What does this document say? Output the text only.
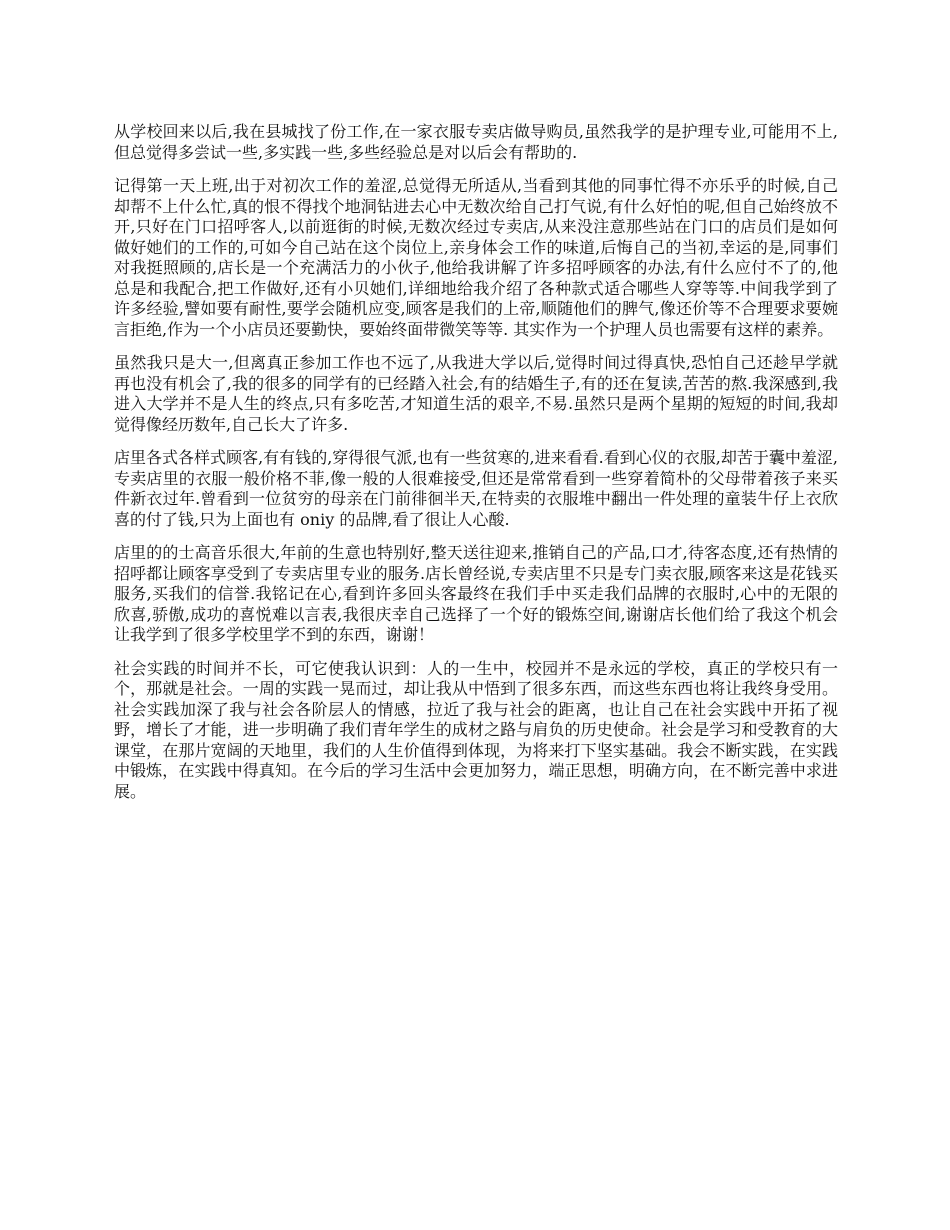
从学校回来以后,我在县城找了份工作,在一家衣服专卖店做导购员,虽然我学的是护理专业,可能用不上,但总觉得多尝试一些,多实践一些,多些经验总是对以后会有帮助的.

记得第一天上班,出于对初次工作的羞涩,总觉得无所适从,当看到其他的同事忙得不亦乐乎的时候,自己却帮不上什么忙,真的恨不得找个地洞钻进去心中无数次给自己打气说,有什么好怕的呢,但自己始终放不开,只好在门口招呼客人,以前逛街的时候,无数次经过专卖店,从来没注意那些站在门口的店员们是如何做好她们的工作的,可如今自己站在这个岗位上,亲身体会工作的味道,后悔自己的当初,幸运的是,同事们对我挺照顾的,店长是一个充满活力的小伙子,他给我讲解了许多招呼顾客的办法,有什么应付不了的,他总是和我配合,把工作做好,还有小贝她们,详细地给我介绍了各种款式适合哪些人穿等等.中间我学到了许多经验,譬如要有耐性,要学会随机应变,顾客是我们的上帝,顺随他们的脾气,像还价等不合理要求要婉言拒绝,作为一个小店员还要勤快，要始终面带微笑等等. 其实作为一个护理人员也需要有这样的素养。

虽然我只是大一,但离真正参加工作也不远了,从我进大学以后,觉得时间过得真快,恐怕自己还趁早学就再也没有机会了,我的很多的同学有的已经踏入社会,有的结婚生子,有的还在复读,苦苦的熬.我深感到,我进入大学并不是人生的终点,只有多吃苦,才知道生活的艰辛,不易.虽然只是两个星期的短短的时间,我却觉得像经历数年,自己长大了许多.

店里各式各样式顾客,有有钱的,穿得很气派,也有一些贫寒的,进来看看.看到心仪的衣服,却苦于囊中羞涩,专卖店里的衣服一般价格不菲,像一般的人很难接受,但还是常常看到一些穿着简朴的父母带着孩子来买件新衣过年.曾看到一位贫穷的母亲在门前徘徊半天,在特卖的衣服堆中翻出一件处理的童装牛仔上衣欣喜的付了钱,只为上面也有 oniy 的品牌,看了很让人心酸.

店里的的士高音乐很大,年前的生意也特别好,整天送往迎来,推销自己的产品,口才,待客态度,还有热情的招呼都让顾客享受到了专卖店里专业的服务.店长曾经说,专卖店里不只是专门卖衣服,顾客来这是花钱买服务,买我们的信誉.我铭记在心,看到许多回头客最终在我们手中买走我们品牌的衣服时,心中的无限的欣喜,骄傲,成功的喜悦难以言表,我很庆幸自己选择了一个好的锻炼空间,谢谢店长他们给了我这个机会让我学到了很多学校里学不到的东西，谢谢！

社会实践的时间并不长，可它使我认识到：人的一生中，校园并不是永远的学校，真正的学校只有一个，那就是社会。一周的实践一晃而过，却让我从中悟到了很多东西，而这些东西也将让我终身受用。社会实践加深了我与社会各阶层人的情感，拉近了我与社会的距离，也让自己在社会实践中开拓了视野，增长了才能，进一步明确了我们青年学生的成材之路与肩负的历史使命。社会是学习和受教育的大课堂，在那片宽阔的天地里，我们的人生价值得到体现，为将来打下坚实基础。我会不断实践，在实践中锻炼，在实践中得真知。在今后的学习生活中会更加努力，端正思想，明确方向，在不断完善中求进展。
